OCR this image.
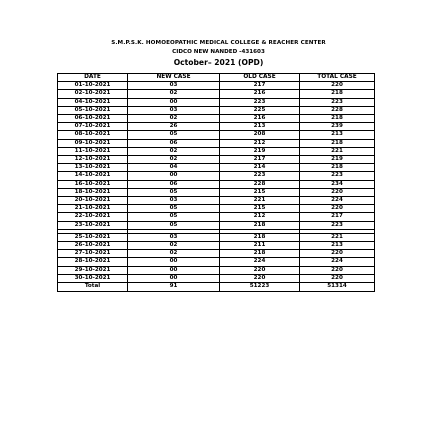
S.M.P.S.K. HOMOEOPATHIC MEDICAL COLLEGE & REACHER CENTER
CIDCO NEW NANDED -431603
October– 2021 (OPD)
DATE	NEW CASE	OLD CASE	TOTAL CASE
01-10-2021	03	217	220
02-10-2021	02	216	218
04-10-2021	00	223	223
05-10-2021	03	225	228
06-10-2021	02	216	218
07-10-2021	26	213	239
08-10-2021	05	208	213
09-10-2021	06	212	218
11-10-2021	02	219	221
12-10-2021	02	217	219
13-10-2021	04	214	218
14-10-2021	00	223	223
16-10-2021	06	228	234
18-10-2021	05	215	220
20-10-2021	03	221	224
21-10-2021	05	215	220
22-10-2021	05	212	217
23-10-2021	05	218	223

25-10-2021	03	218	221
26-10-2021	02	211	213
27-10-2021	02	218	220
28-10-2021	00	224	224
29-10-2021	00	220	220
30-10-2021	00	220	220
Total	91	51223	51314
